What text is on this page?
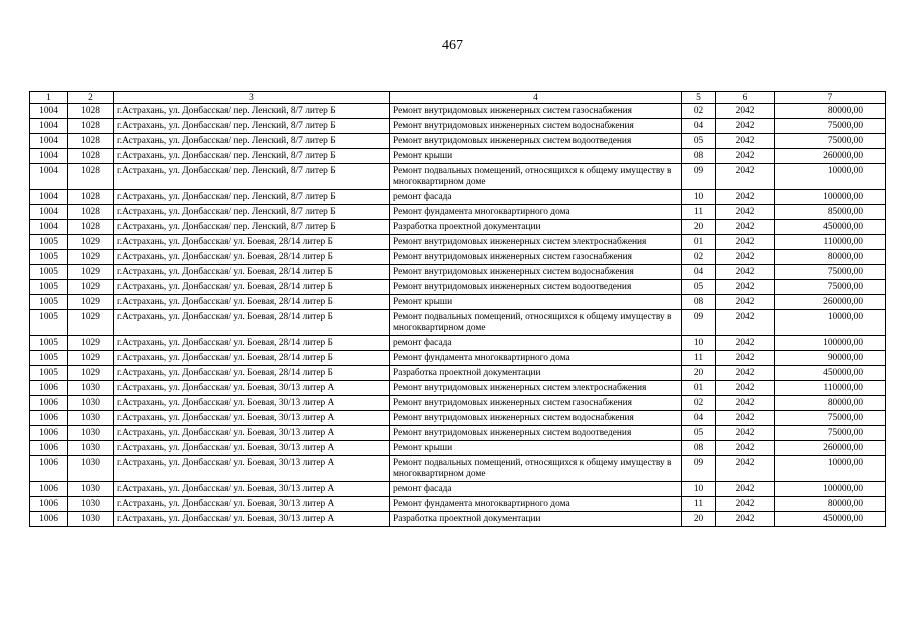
467
1	2	3	4	5	6	7
1004	1028	г.Астрахань, ул. Донбасская/ пер. Ленский, 8/7 литер Б	Ремонт внутридомовых инженерных систем газоснабжения	02	2042	80000,00
1004	1028	г.Астрахань, ул. Донбасская/ пер. Ленский, 8/7 литер Б	Ремонт внутридомовых инженерных систем водоснабжения	04	2042	75000,00
1004	1028	г.Астрахань, ул. Донбасская/ пер. Ленский, 8/7 литер Б	Ремонт внутридомовых инженерных систем водоотведения	05	2042	75000,00
1004	1028	г.Астрахань, ул. Донбасская/ пер. Ленский, 8/7 литер Б	Ремонт крыши	08	2042	260000,00
1004	1028	г.Астрахань, ул. Донбасская/ пер. Ленский, 8/7 литер Б	Ремонт подвальных помещений, относящихся к общему имуществу в многоквартирном доме	09	2042	10000,00
1004	1028	г.Астрахань, ул. Донбасская/ пер. Ленский, 8/7 литер Б	ремонт фасада	10	2042	100000,00
1004	1028	г.Астрахань, ул. Донбасская/ пер. Ленский, 8/7 литер Б	Ремонт фундамента многоквартирного дома	11	2042	85000,00
1004	1028	г.Астрахань, ул. Донбасская/ пер. Ленский, 8/7 литер Б	Разработка проектной документации	20	2042	450000,00
1005	1029	г.Астрахань, ул. Донбасская/ ул. Боевая, 28/14 литер Б	Ремонт внутридомовых инженерных систем электроснабжения	01	2042	110000,00
1005	1029	г.Астрахань, ул. Донбасская/ ул. Боевая, 28/14 литер Б	Ремонт внутридомовых инженерных систем газоснабжения	02	2042	80000,00
1005	1029	г.Астрахань, ул. Донбасская/ ул. Боевая, 28/14 литер Б	Ремонт внутридомовых инженерных систем водоснабжения	04	2042	75000,00
1005	1029	г.Астрахань, ул. Донбасская/ ул. Боевая, 28/14 литер Б	Ремонт внутридомовых инженерных систем водоотведения	05	2042	75000,00
1005	1029	г.Астрахань, ул. Донбасская/ ул. Боевая, 28/14 литер Б	Ремонт крыши	08	2042	260000,00
1005	1029	г.Астрахань, ул. Донбасская/ ул. Боевая, 28/14 литер Б	Ремонт подвальных помещений, относящихся к общему имуществу в многоквартирном доме	09	2042	10000,00
1005	1029	г.Астрахань, ул. Донбасская/ ул. Боевая, 28/14 литер Б	ремонт фасада	10	2042	100000,00
1005	1029	г.Астрахань, ул. Донбасская/ ул. Боевая, 28/14 литер Б	Ремонт фундамента многоквартирного дома	11	2042	90000,00
1005	1029	г.Астрахань, ул. Донбасская/ ул. Боевая, 28/14 литер Б	Разработка проектной документации	20	2042	450000,00
1006	1030	г.Астрахань, ул. Донбасская/ ул. Боевая, 30/13 литер А	Ремонт внутридомовых инженерных систем электроснабжения	01	2042	110000,00
1006	1030	г.Астрахань, ул. Донбасская/ ул. Боевая, 30/13 литер А	Ремонт внутридомовых инженерных систем газоснабжения	02	2042	80000,00
1006	1030	г.Астрахань, ул. Донбасская/ ул. Боевая, 30/13 литер А	Ремонт внутридомовых инженерных систем водоснабжения	04	2042	75000,00
1006	1030	г.Астрахань, ул. Донбасская/ ул. Боевая, 30/13 литер А	Ремонт внутридомовых инженерных систем водоотведения	05	2042	75000,00
1006	1030	г.Астрахань, ул. Донбасская/ ул. Боевая, 30/13 литер А	Ремонт крыши	08	2042	260000,00
1006	1030	г.Астрахань, ул. Донбасская/ ул. Боевая, 30/13 литер А	Ремонт подвальных помещений, относящихся к общему имуществу в многоквартирном доме	09	2042	10000,00
1006	1030	г.Астрахань, ул. Донбасская/ ул. Боевая, 30/13 литер А	ремонт фасада	10	2042	100000,00
1006	1030	г.Астрахань, ул. Донбасская/ ул. Боевая, 30/13 литер А	Ремонт фундамента многоквартирного дома	11	2042	80000,00
1006	1030	г.Астрахань, ул. Донбасская/ ул. Боевая, 30/13 литер А	Разработка проектной документации	20	2042	450000,00
